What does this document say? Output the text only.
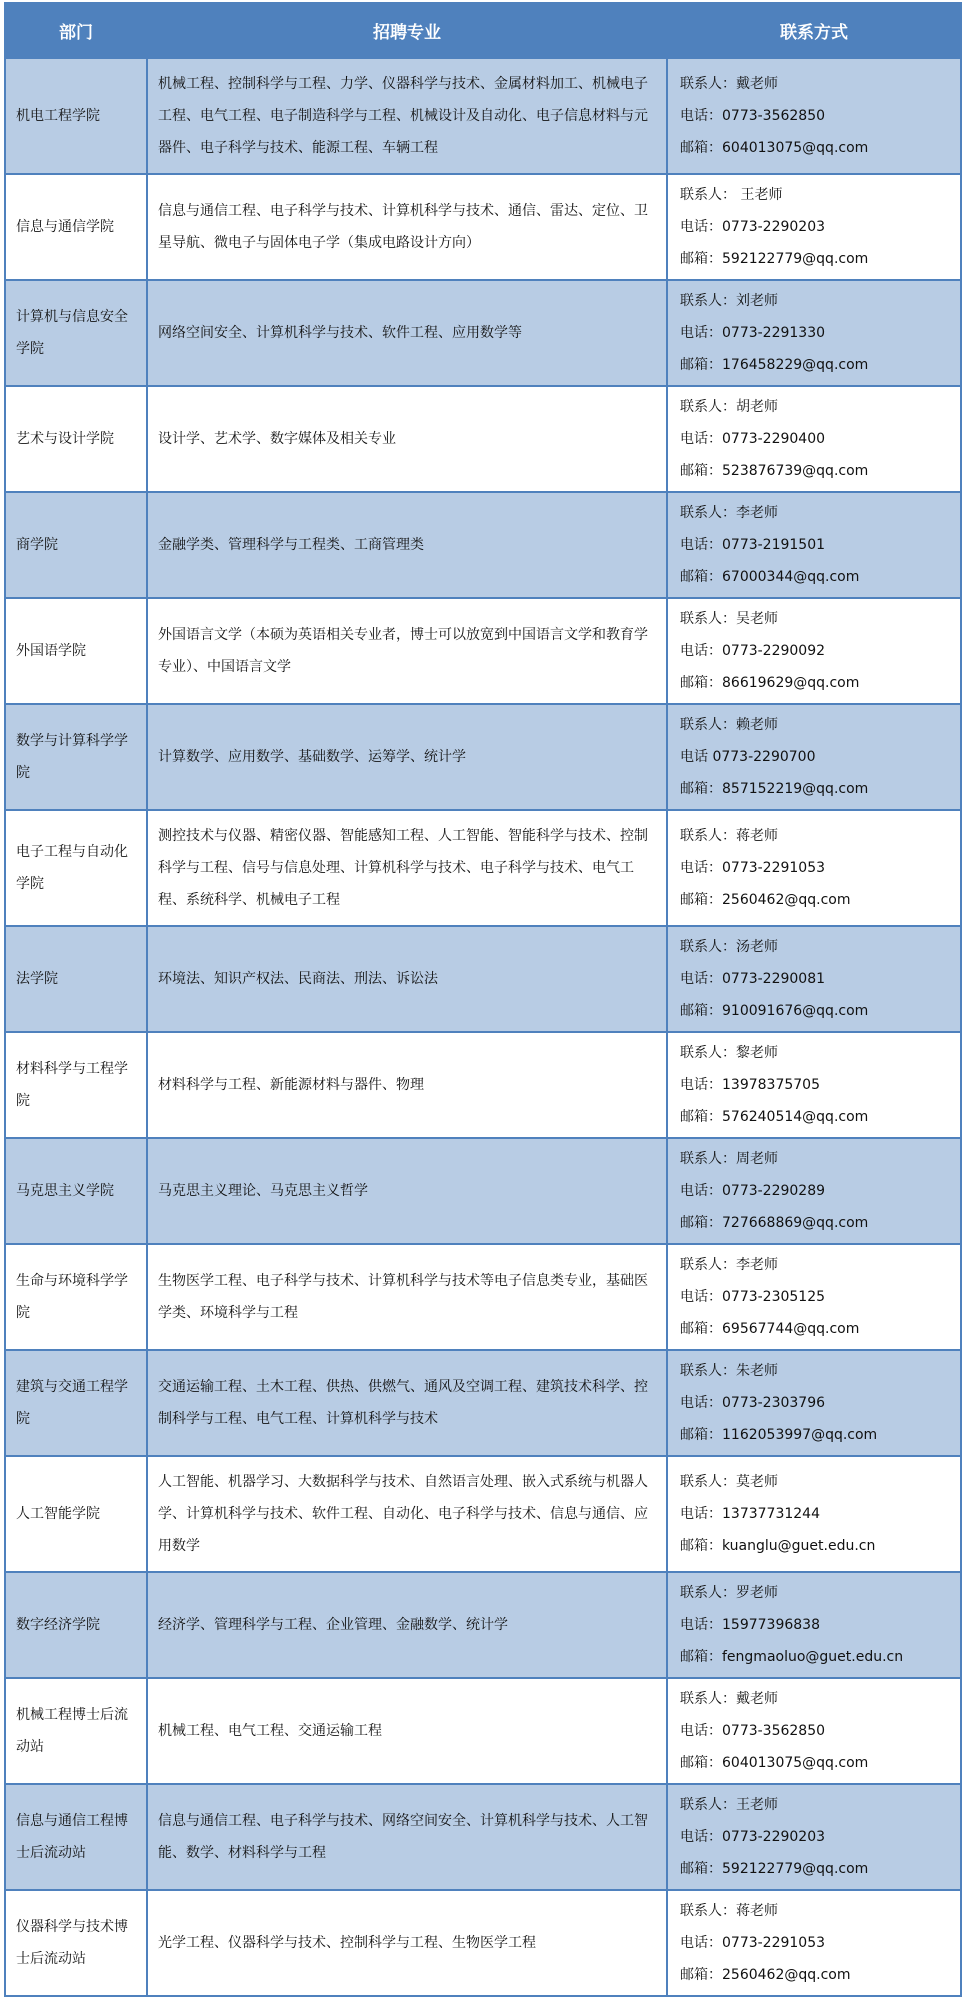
部门	招聘专业	联系方式
机电工程学院	机械工程、控制科学与工程、力学、仪器科学与技术、金属材料加工、机械电子工程、电气工程、电子制造科学与工程、机械设计及自动化、电子信息材料与元器件、电子科学与技术、能源工程、车辆工程	联系人：戴老师
电话：0773-3562850
邮箱：604013075@qq.com

信息与通信学院	信息与通信工程、电子科学与技术、计算机科学与技术、通信、雷达、定位、卫星导航、微电子与固体电子学（集成电路设计方向）	联系人： 王老师
电话：0773-2290203
邮箱：592122779@qq.com

计算机与信息安全学院	网络空间安全、计算机科学与技术、软件工程、应用数学等	联系人：刘老师
电话：0773-2291330
邮箱：176458229@qq.com

艺术与设计学院	设计学、艺术学、数字媒体及相关专业	联系人：胡老师
电话：0773-2290400
邮箱：523876739@qq.com

商学院	金融学类、管理科学与工程类、工商管理类	联系人：李老师
电话：0773-2191501
邮箱：67000344@qq.com

外国语学院	外国语言文学（本硕为英语相关专业者，博士可以放宽到中国语言文学和教育学专业）、中国语言文学	联系人：吴老师
电话：0773-2290092
邮箱：86619629@qq.com

数学与计算科学学院	计算数学、应用数学、基础数学、运筹学、统计学	联系人：赖老师
电话 0773-2290700
邮箱：857152219@qq.com

电子工程与自动化学院	测控技术与仪器、精密仪器、智能感知工程、人工智能、智能科学与技术、控制科学与工程、信号与信息处理、计算机科学与技术、电子科学与技术、电气工程、系统科学、机械电子工程	联系人：蒋老师
电话：0773-2291053
邮箱：2560462@qq.com

法学院	环境法、知识产权法、民商法、刑法、诉讼法	联系人：汤老师
电话：0773-2290081
邮箱：910091676@qq.com

材料科学与工程学院	材料科学与工程、新能源材料与器件、物理	联系人：黎老师
电话：13978375705
邮箱：576240514@qq.com

马克思主义学院	马克思主义理论、马克思主义哲学	联系人：周老师
电话：0773-2290289
邮箱：727668869@qq.com

生命与环境科学学院	生物医学工程、电子科学与技术、计算机科学与技术等电子信息类专业，基础医学类、环境科学与工程	联系人：李老师
电话：0773-2305125
邮箱：69567744@qq.com

建筑与交通工程学院	交通运输工程、土木工程、供热、供燃气、通风及空调工程、建筑技术科学、控制科学与工程、电气工程、计算机科学与技术	联系人：朱老师
电话：0773-2303796
邮箱：1162053997@qq.com

人工智能学院	人工智能、机器学习、大数据科学与技术、自然语言处理、嵌入式系统与机器人学、计算机科学与技术、软件工程、自动化、电子科学与技术、信息与通信、应用数学	联系人：莫老师
电话：13737731244
邮箱：kuanglu@guet.edu.cn

数字经济学院	经济学、管理科学与工程、企业管理、金融数学、统计学	联系人：罗老师
电话：15977396838
邮箱：fengmaoluo@guet.edu.cn

机械工程博士后流动站	机械工程、电气工程、交通运输工程	联系人：戴老师
电话：0773-3562850
邮箱：604013075@qq.com

信息与通信工程博士后流动站	信息与通信工程、电子科学与技术、网络空间安全、计算机科学与技术、人工智能、数学、材料科学与工程	联系人：王老师
电话：0773-2290203
邮箱：592122779@qq.com

仪器科学与技术博士后流动站	光学工程、仪器科学与技术、控制科学与工程、生物医学工程	联系人：蒋老师
电话：0773-2291053
邮箱：2560462@qq.com
